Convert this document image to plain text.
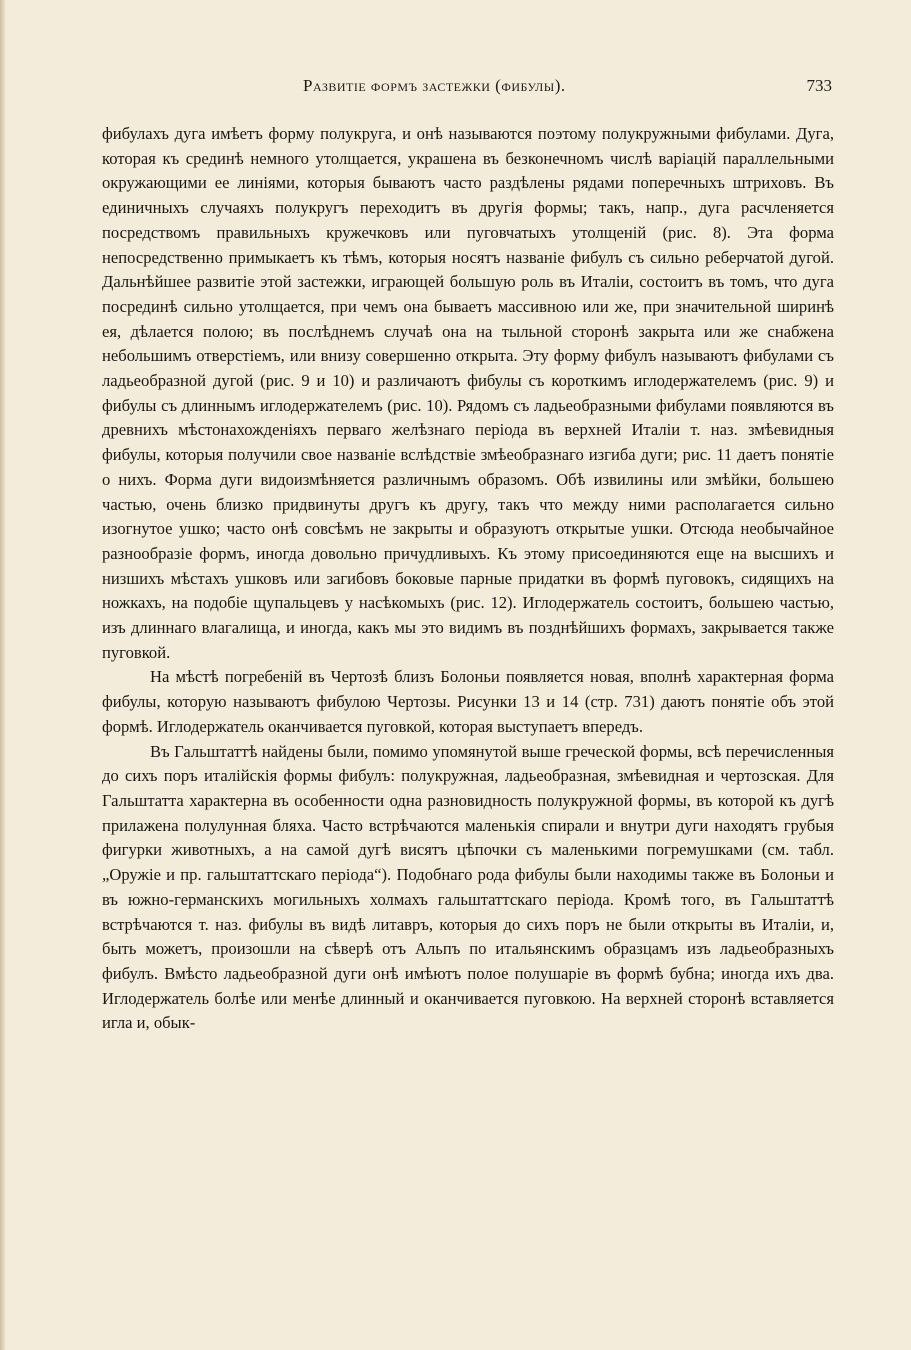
Развитіе формъ застежки (фибулы).	733

фибулахъ дуга имѣетъ форму полукруга, и онѣ называются поэтому полукружными фибулами. Дуга, которая къ срединѣ немного утолщается, украшена въ безконечномъ числѣ варіацій параллельными окружающими ее линіями, которыя бываютъ часто раздѣлены рядами поперечныхъ штриховъ. Въ единичныхъ случаяхъ полукругъ переходитъ въ другія формы; такъ, напр., дуга расчленяется посредствомъ правильныхъ кружечковъ или пуговчатыхъ утолщеній (рис. 8). Эта форма непосредственно примыкаетъ къ тѣмъ, которыя носятъ названіе фибулъ съ сильно реберчатой дугой. Дальнѣйшее развитіе этой застежки, играющей большую роль въ Италіи, состоитъ въ томъ, что дуга посрединѣ сильно утолщается, при чемъ она бываетъ массивною или же, при значительной ширинѣ ея, дѣлается полою; въ послѣднемъ случаѣ она на тыльной сторонѣ закрыта или же снабжена небольшимъ отверстіемъ, или внизу совершенно открыта. Эту форму фибулъ называютъ фибулами съ ладьеобразной дугой (рис. 9 и 10) и различаютъ фибулы съ короткимъ иглодержателемъ (рис. 9) и фибулы съ длиннымъ иглодержателемъ (рис. 10). Рядомъ съ ладьеобразными фибулами появляются въ древнихъ мѣстонахожденіяхъ перваго желѣзнаго періода въ верхней Италіи т. наз. змѣевидныя фибулы, которыя получили свое названіе вслѣдствіе змѣеобразнаго изгиба дуги; рис. 11 даетъ понятіе о нихъ. Форма дуги видоизмѣняется различнымъ образомъ. Обѣ извилины или змѣйки, большею частью, очень близко придвинуты другъ къ другу, такъ что между ними располагается сильно изогнутое ушко; часто онѣ совсѣмъ не закрыты и образуютъ открытые ушки. Отсюда необычайное разнообразіе формъ, иногда довольно причудливыхъ. Къ этому присоединяются еще на высшихъ и низшихъ мѣстахъ ушковъ или загибовъ боковые парные придатки въ формѣ пуговокъ, сидящихъ на ножкахъ, на подобіе щупальцевъ у насѣкомыхъ (рис. 12). Иглодержатель состоитъ, большею частью, изъ длиннаго влагалища, и иногда, какъ мы это видимъ въ позднѣйшихъ формахъ, закрывается также пуговкой.

На мѣстѣ погребеній въ Чертозѣ близъ Болоньи появляется новая, вполнѣ характерная форма фибулы, которую называютъ фибулою Чертозы. Рисунки 13 и 14 (стр. 731) даютъ понятіе объ этой формѣ. Иглодержатель оканчивается пуговкой, которая выступаетъ впередъ.

Въ Гальштаттѣ найдены были, помимо упомянутой выше греческой формы, всѣ перечисленныя до сихъ поръ италійскія формы фибулъ: полукружная, ладьеобразная, змѣевидная и чертозская. Для Гальштатта характерна въ особенности одна разновидность полукружной формы, въ которой къ дугѣ прилажена полулунная бляха. Часто встрѣчаются маленькія спирали и внутри дуги находятъ грубыя фигурки животныхъ, а на самой дугѣ висятъ цѣпочки съ маленькими погремушками (см. табл. „Оружіе и пр. гальштаттскаго періода“). Подобнаго рода фибулы были находимы также въ Болоньи и въ южно-германскихъ могильныхъ холмахъ гальштаттскаго періода. Кромѣ того, въ Гальштаттѣ встрѣчаются т. наз. фибулы въ видѣ литавръ, которыя до сихъ поръ не были открыты въ Италіи, и, быть можетъ, произошли на сѣверѣ отъ Альпъ по итальянскимъ образцамъ изъ ладьеобразныхъ фибулъ. Вмѣсто ладьеобразной дуги онѣ имѣютъ полое полушаріе въ формѣ бубна; иногда ихъ два. Иглодержатель болѣе или менѣе длинный и оканчивается пуговкою. На верхней сторонѣ вставляется игла и, обык-
